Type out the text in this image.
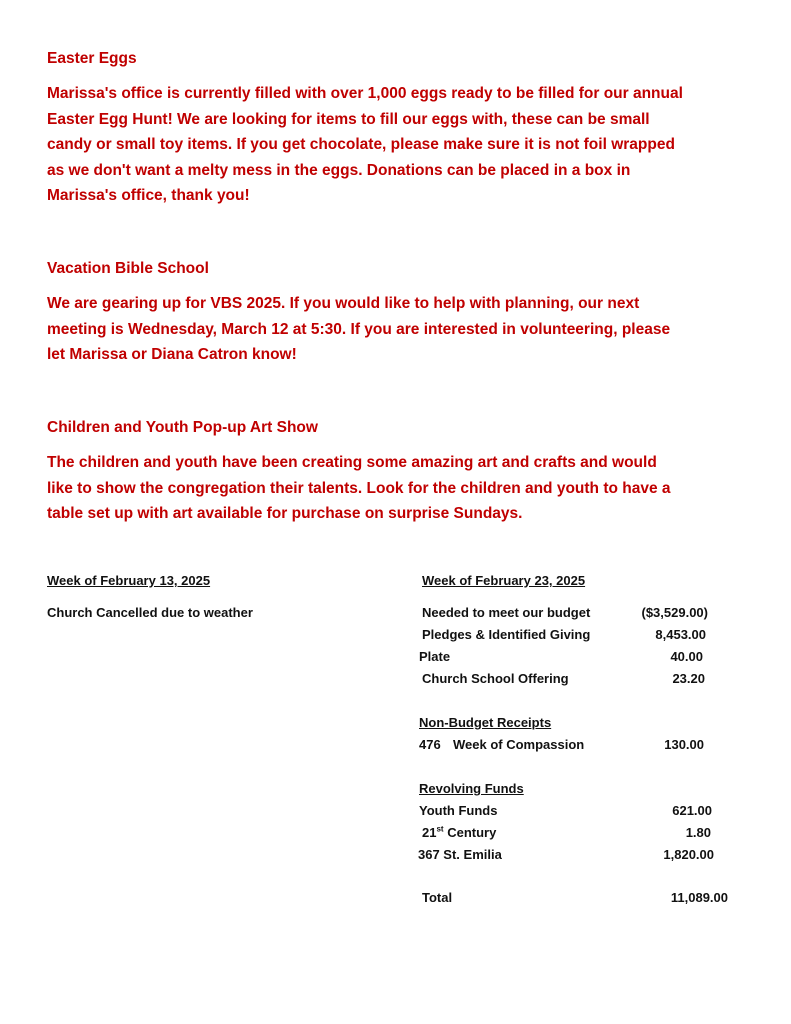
Easter Eggs
Marissa's office is currently filled with over 1,000 eggs ready to be filled for our annual
Easter Egg Hunt! We are looking for items to fill our eggs with, these can be small
candy or small toy items. If you get chocolate, please make sure it is not foil wrapped
as we don't want a melty mess in the eggs. Donations can be placed in a box in
Marissa's office, thank you!
Vacation Bible School
We are gearing up for VBS 2025. If you would like to help with planning, our next
meeting is Wednesday, March 12 at 5:30. If you are interested in volunteering, please
let Marissa or Diana Catron know!
Children and Youth Pop-up Art Show
The children and youth have been creating some amazing art and crafts and would
like to show the congregation their talents. Look for the children and youth to have a
table set up with art available for purchase on surprise Sundays.
Week of February 13, 2025
Church Cancelled due to weather
Week of February 23, 2025
Needed to meet our budget	($3,529.00)
Pledges & Identified Giving	8,453.00
Plate	40.00
Church School Offering	23.20
Non-Budget Receipts
476 Week of Compassion	130.00
Revolving Funds
Youth Funds	621.00
21st Century	1.80
367 St. Emilia	1,820.00
Total	11,089.00
